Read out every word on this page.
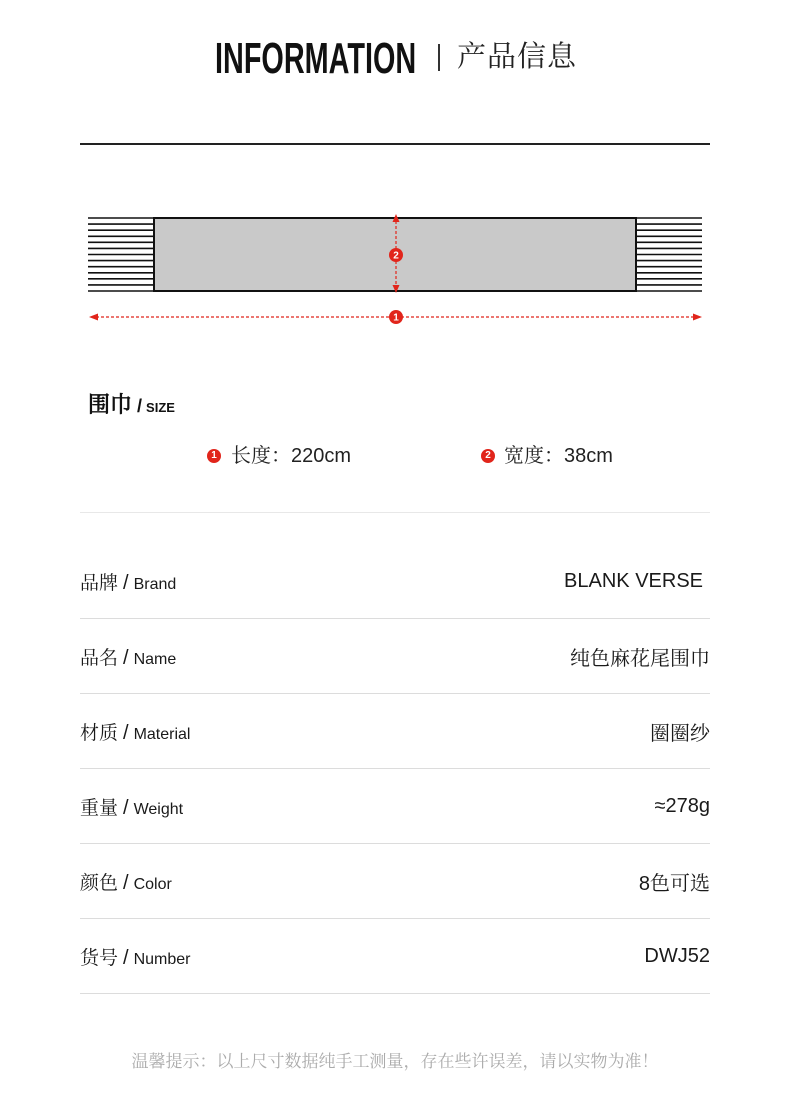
INFORMATION 产品信息
2
1
围巾 / SIZE
1 长度：220cm	2 宽度：38cm
品牌 / Brand	BLANK VERSE
品名 / Name	纯色麻花尾围巾
材质 / Material	圈圈纱
重量 / Weight	≈278g
颜色 / Color	8色可选
货号 / Number	DWJ52
温馨提示：以上尺寸数据纯手工测量，存在些许误差，请以实物为准！
